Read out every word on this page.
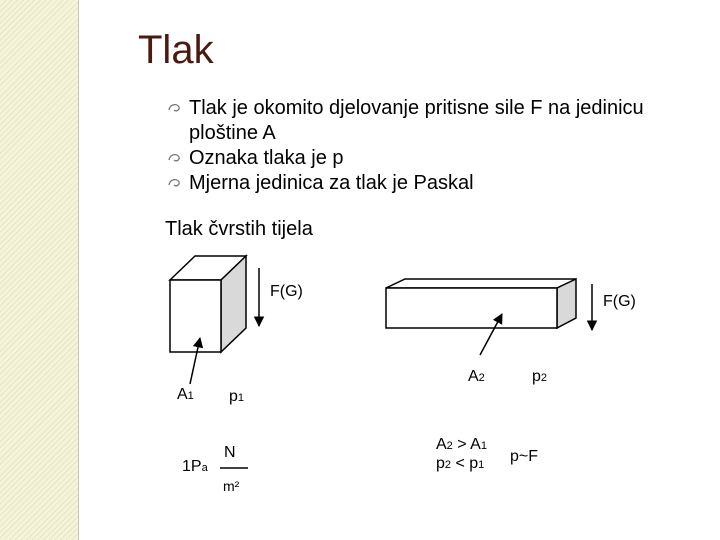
Tlak
Tlak je okomito djelovanje pritisne sile F na jedinicu
ploštine A
Oznaka tlaka je p
Mjerna jedinica za tlak je Paskal
Tlak čvrstih tijela
F(G)
F(G)
A1 p1
A2	p2
1Pa
N
m²
A2 > A1
p2 < p1 p~F
